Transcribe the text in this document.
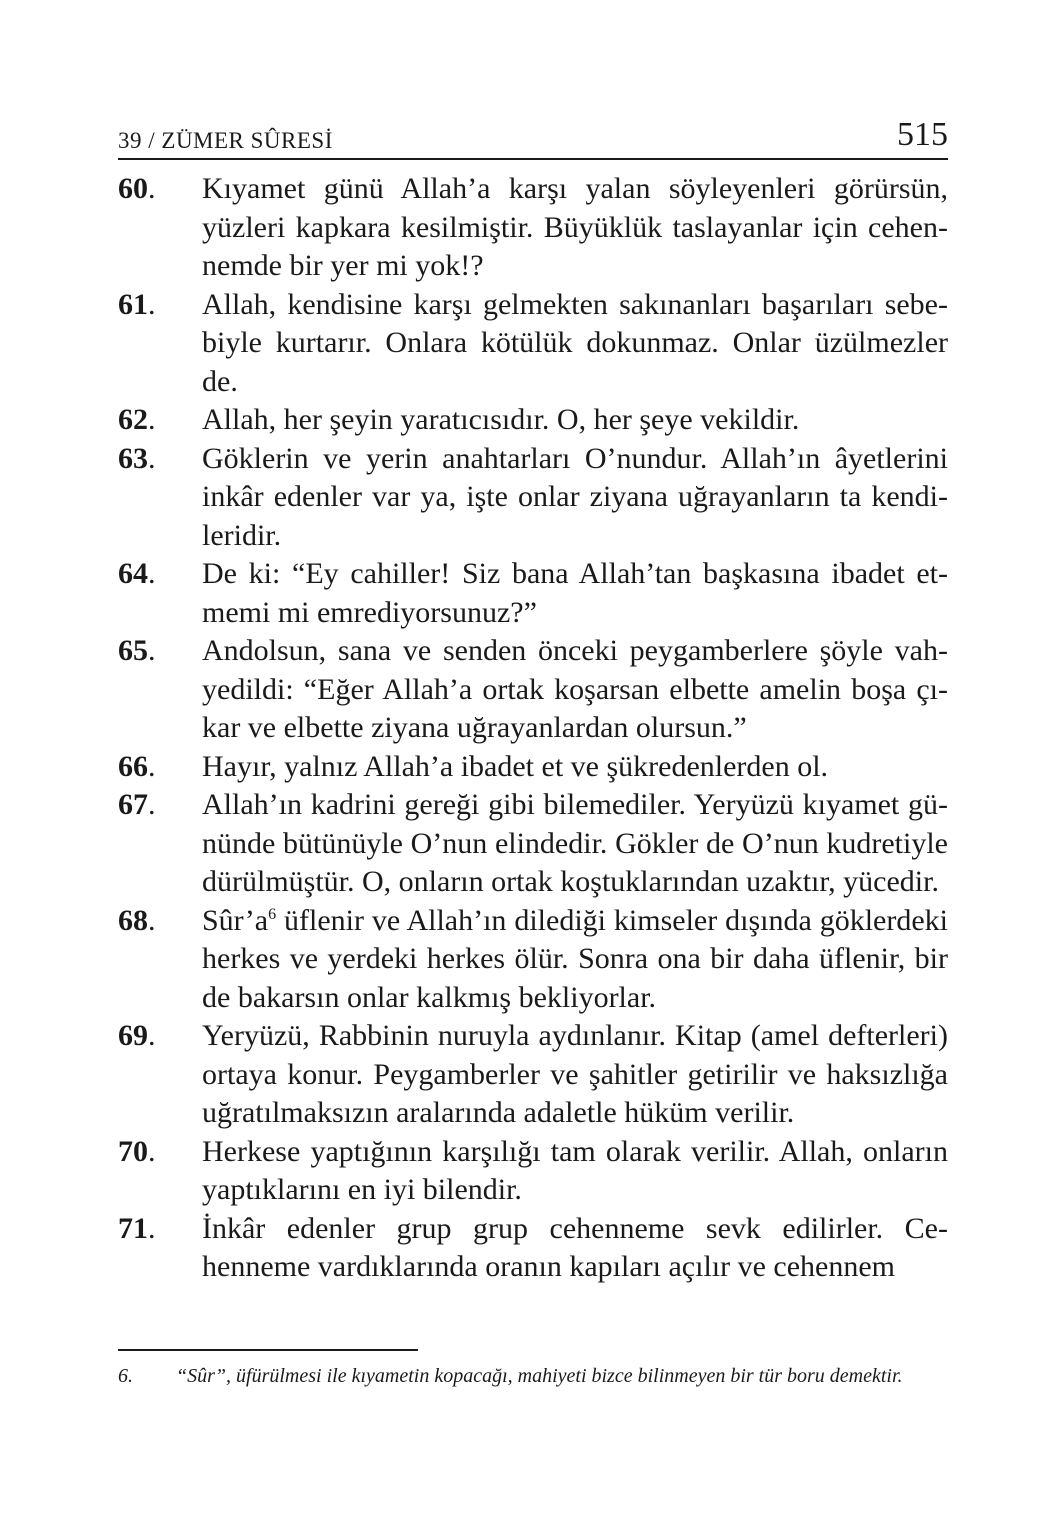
39 / ZÜMER SÛRESİ	515
60.	Kıyamet günü Allah’a karşı yalan söyleyenleri görürsün, yüzleri kapkara kesilmiştir. Büyüklük taslayanlar için cehennemde bir yer mi yok!?
61.	Allah, kendisine karşı gelmekten sakınanları başarıları sebebiyle kurtarır. Onlara kötülük dokunmaz. Onlar üzülmezler de.
62.	Allah, her şeyin yaratıcısıdır. O, her şeye vekildir.
63.	Göklerin ve yerin anahtarları O’nundur. Allah’ın âyetlerini inkâr edenler var ya, işte onlar ziyana uğrayanların ta kendileridir.
64.	De ki: “Ey cahiller! Siz bana Allah’tan başkasına ibadet etmemi mi emrediyorsunuz?”
65.	Andolsun, sana ve senden önceki peygamberlere şöyle vahyedildi: “Eğer Allah’a ortak koşarsan elbette amelin boşa çıkar ve elbette ziyana uğrayanlardan olursun.”
66.	Hayır, yalnız Allah’a ibadet et ve şükredenlerden ol.
67.	Allah’ın kadrini gereği gibi bilemediler. Yeryüzü kıyamet gününde bütünüyle O’nun elindedir. Gökler de O’nun kudretiyle dürülmüştür. O, onların ortak koştuklarından uzaktır, yücedir.
68.	$Sûr’a^6$ üflenir ve Allah’ın dilediği kimseler dışında göklerdeki herkes ve yerdeki herkes ölür. Sonra ona bir daha üflenir, bir de bakarsın onlar kalkmış bekliyorlar.
69.	Yeryüzü, Rabbinin nuruyla aydınlanır. Kitap (amel defterleri) ortaya konur. Peygamberler ve şahitler getirilir ve haksızlığa uğratılmaksızın aralarında adaletle hüküm verilir.
70.	Herkese yaptığının karşılığı tam olarak verilir. Allah, onların yaptıklarını en iyi bilendir.
71.	İnkâr edenler grup grup cehenneme sevk edilirler. Cehenneme vardıklarında oranın kapıları açılır ve cehennem
6.	“Sûr”, üfürülmesi ile kıyametin kopacağı, mahiyeti bizce bilinmeyen bir tür boru demektir.
